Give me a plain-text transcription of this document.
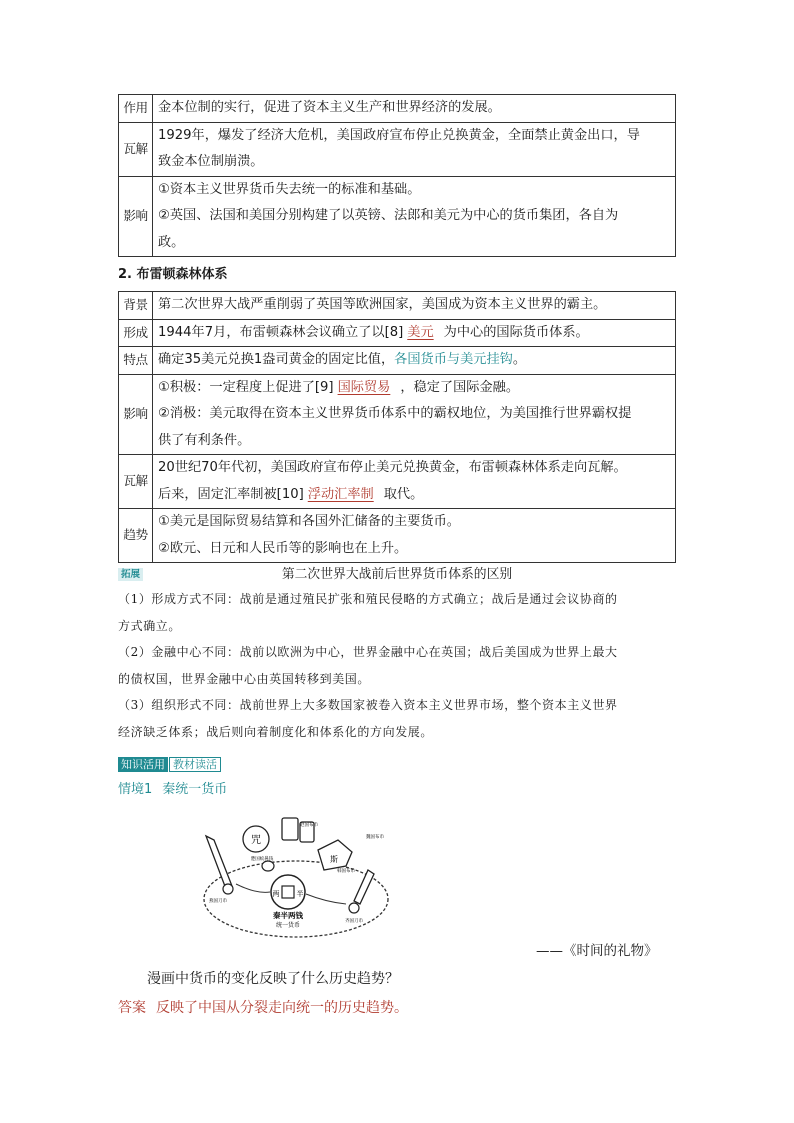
作用	金本位制的实行，促进了资本主义生产和世界经济的发展。

瓦解	1929年，爆发了经济大危机，美国政府宣布停止兑换黄金，全面禁止黄金出口，导
致金本位制崩溃。

影响	①资本主义世界货币失去统一的标准和基础。
②英国、法国和美国分别构建了以英镑、法郎和美元为中心的货币集团，各自为
政。
2. 布雷顿森林体系
背景	第二次世界大战严重削弱了英国等欧洲国家，美国成为资本主义世界的霸主。
形成	1944年7月，布雷顿森林会议确立了以[8] 美元 为中心的国际货币体系。
特点	确定35美元兑换1盎司黄金的固定比值，各国货币与美元挂钩。
影响	①积极：一定程度上促进了[9] 国际贸易 ，稳定了国际金融。
②消极：美元取得在资本主义世界货币体系中的霸权地位，为美国推行世界霸权提
供了有利条件。

瓦解	20世纪70年代初，美国政府宣布停止美元兑换黄金，布雷顿森林体系走向瓦解。
后来，固定汇率制被[10] 浮动汇率制 取代。

趋势	①美元是国际贸易结算和各国外汇储备的主要货币。
②欧元、日元和人民币等的影响也在上升。
拓展	第二次世界大战前后世界货币体系的区别

（1）形成方式不同：战前是通过殖民扩张和殖民侵略的方式确立；战后是通过会议协商的

方式确立。

（2）金融中心不同：战前以欧洲为中心，世界金融中心在英国；战后美国成为世界上最大

的债权国，世界金融中心由英国转移到美国。

（3）组织形式不同：战前世界上大多数国家被卷入资本主义世界市场，整个资本主义世界

经济缺乏体系；战后则向着制度化和体系化的方向发展。

知识活用 教材读活
情境1 秦统一货币
咒
斯
两 半
秦半两钱
统一货币
赵国布币
魏国布币
楚国蚁鼻钱
燕国刀币
韩国布币
齐国刀币
——《时间的礼物》
漫画中货币的变化反映了什么历史趋势？
答案 反映了中国从分裂走向统一的历史趋势。
